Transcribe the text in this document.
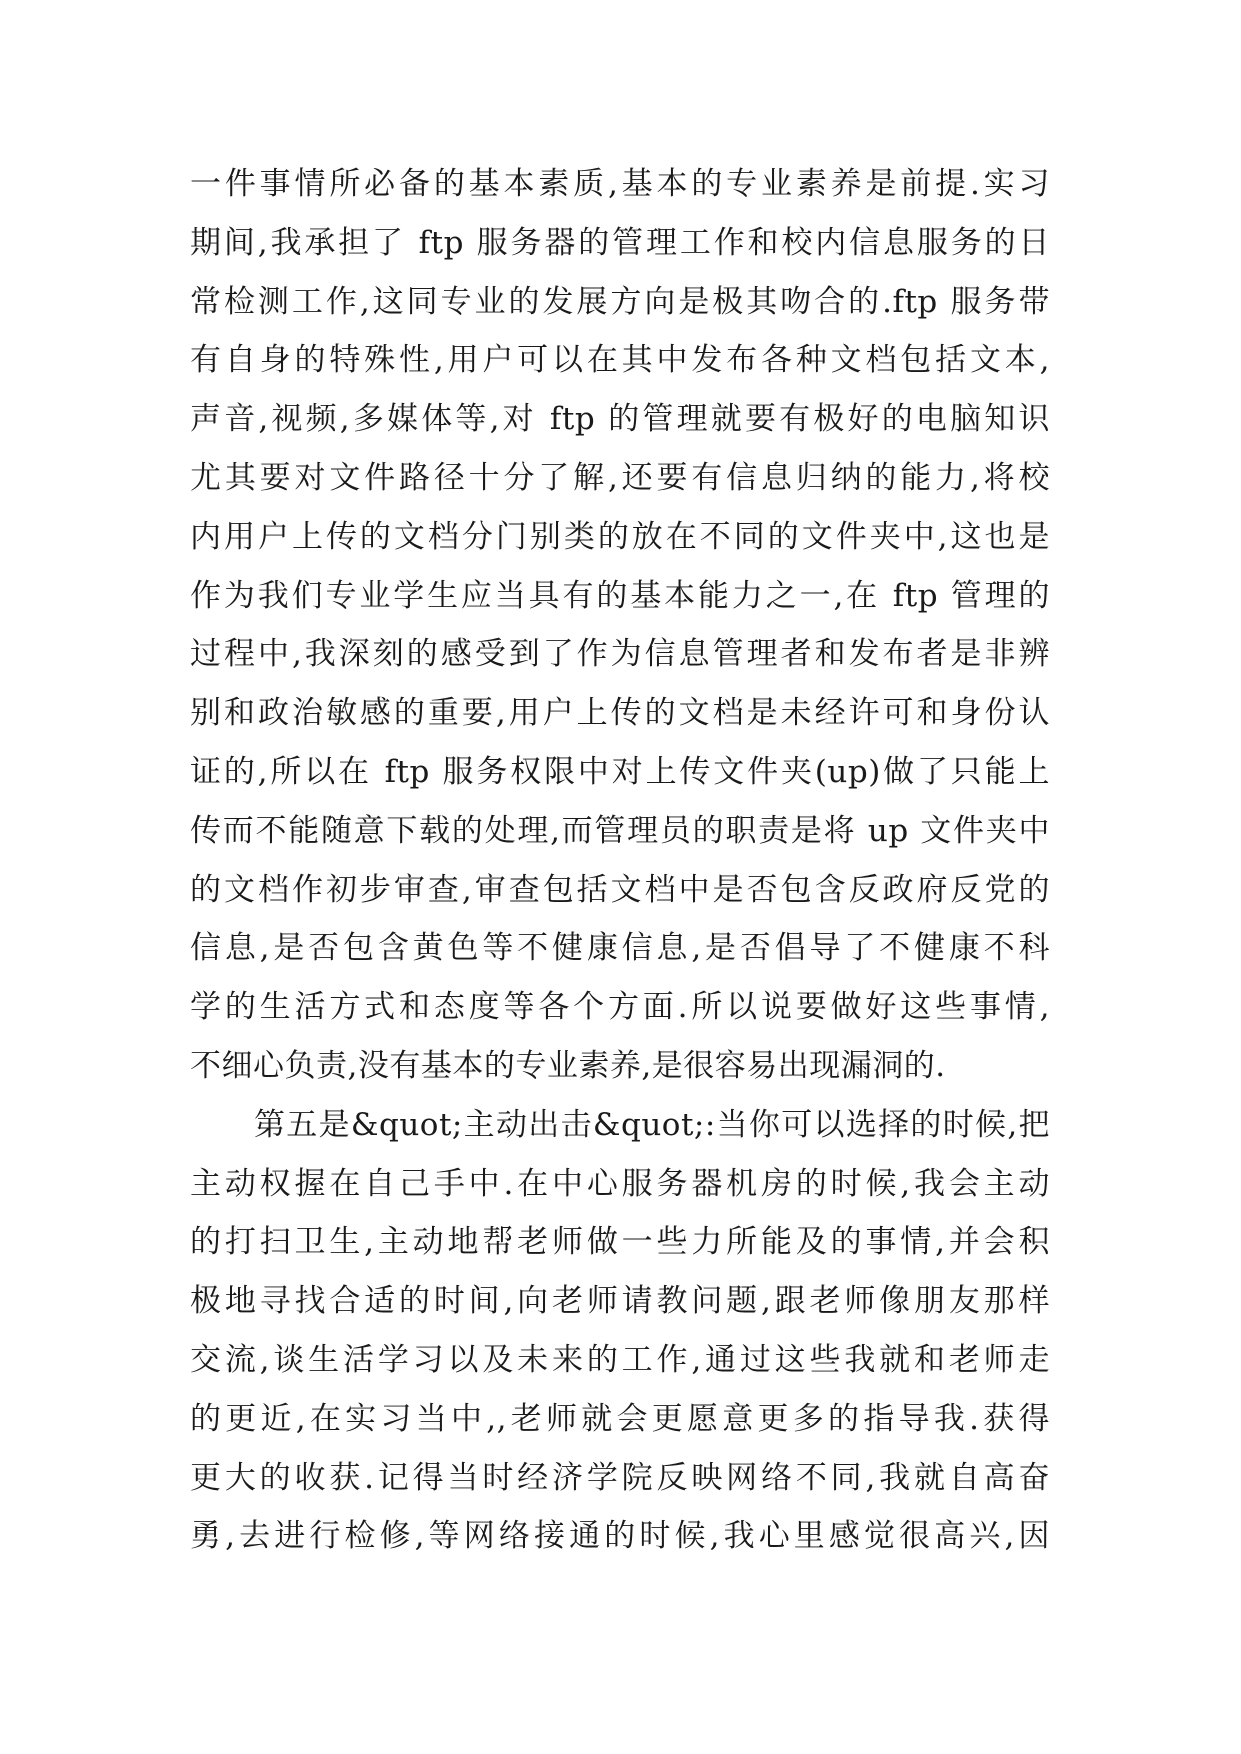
一件事情所必备的基本素质,基本的专业素养是前提.实习
期间,我承担了 ftp 服务器的管理工作和校内信息服务的日
常检测工作,这同专业的发展方向是极其吻合的.ftp 服务带
有自身的特殊性,用户可以在其中发布各种文档包括文本,
声音,视频,多媒体等,对 ftp 的管理就要有极好的电脑知识
尤其要对文件路径十分了解,还要有信息归纳的能力,将校
内用户上传的文档分门别类的放在不同的文件夹中,这也是
作为我们专业学生应当具有的基本能力之一,在 ftp 管理的
过程中,我深刻的感受到了作为信息管理者和发布者是非辨
别和政治敏感的重要,用户上传的文档是未经许可和身份认
证的,所以在 ftp 服务权限中对上传文件夹(up)做了只能上
传而不能随意下载的处理,而管理员的职责是将 up 文件夹中
的文档作初步审查,审查包括文档中是否包含反政府反党的
信息,是否包含黄色等不健康信息,是否倡导了不健康不科
学的生活方式和态度等各个方面.所以说要做好这些事情,
不细心负责,没有基本的专业素养,是很容易出现漏洞的.
第五是&quot;主动出击&quot;:当你可以选择的时候,把
主动权握在自己手中.在中心服务器机房的时候,我会主动
的打扫卫生,主动地帮老师做一些力所能及的事情,并会积
极地寻找合适的时间,向老师请教问题,跟老师像朋友那样
交流,谈生活学习以及未来的工作,通过这些我就和老师走
的更近,在实习当中,,老师就会更愿意更多的指导我.获得
更大的收获.记得当时经济学院反映网络不同,我就自高奋
勇,去进行检修,等网络接通的时候,我心里感觉很高兴,因
